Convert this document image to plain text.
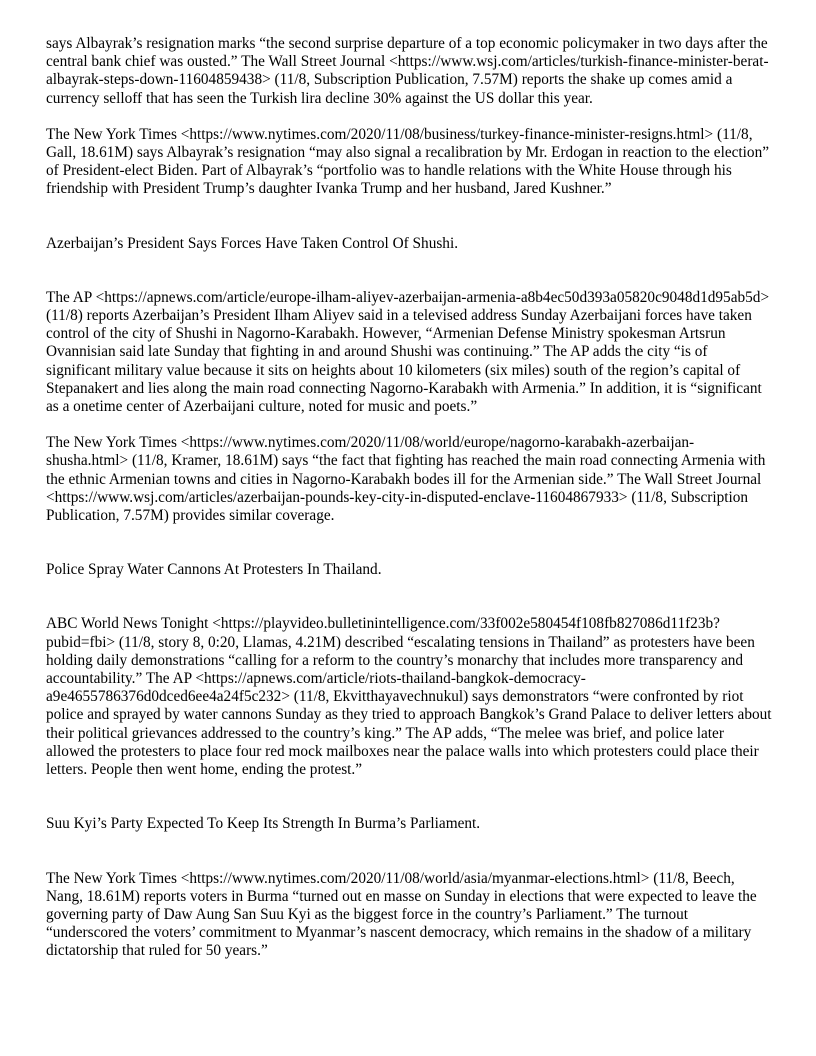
says Albayrak’s resignation marks “the second surprise departure of a top economic policymaker in two days after the central bank chief was ousted.” The Wall Street Journal <https://www.wsj.com/articles/turkish-finance-minister-berat-albayrak-steps-down-11604859438> (11/8, Subscription Publication, 7.57M) reports the shake up comes amid a currency selloff that has seen the Turkish lira decline 30% against the US dollar this year.

The New York Times <https://www.nytimes.com/2020/11/08/business/turkey-finance-minister-resigns.html> (11/8, Gall, 18.61M) says Albayrak’s resignation “may also signal a recalibration by Mr. Erdogan in reaction to the election” of President-elect Biden. Part of Albayrak’s “portfolio was to handle relations with the White House through his friendship with President Trump’s daughter Ivanka Trump and her husband, Jared Kushner.”

Azerbaijan’s President Says Forces Have Taken Control Of Shushi.

The AP <https://apnews.com/article/europe-ilham-aliyev-azerbaijan-armenia-a8b4ec50d393a05820c9048d1d95ab5d> (11/8) reports Azerbaijan’s President Ilham Aliyev said in a televised address Sunday Azerbaijani forces have taken control of the city of Shushi in Nagorno-Karabakh. However, “Armenian Defense Ministry spokesman Artsrun Ovannisian said late Sunday that fighting in and around Shushi was continuing.” The AP adds the city “is of significant military value because it sits on heights about 10 kilometers (six miles) south of the region’s capital of Stepanakert and lies along the main road connecting Nagorno-Karabakh with Armenia.” In addition, it is “significant as a onetime center of Azerbaijani culture, noted for music and poets.”

The New York Times <https://www.nytimes.com/2020/11/08/world/europe/nagorno-karabakh-azerbaijan-shusha.html> (11/8, Kramer, 18.61M) says “the fact that fighting has reached the main road connecting Armenia with the ethnic Armenian towns and cities in Nagorno-Karabakh bodes ill for the Armenian side.” The Wall Street Journal <https://www.wsj.com/articles/azerbaijan-pounds-key-city-in-disputed-enclave-11604867933> (11/8, Subscription Publication, 7.57M) provides similar coverage.

Police Spray Water Cannons At Protesters In Thailand.

ABC World News Tonight <https://playvideo.bulletinintelligence.com/33f002e580454f108fb827086d11f23b?pubid=fbi> (11/8, story 8, 0:20, Llamas, 4.21M) described “escalating tensions in Thailand” as protesters have been holding daily demonstrations “calling for a reform to the country’s monarchy that includes more transparency and accountability.” The AP <https://apnews.com/article/riots-thailand-bangkok-democracy-a9e4655786376d0dced6ee4a24f5c232> (11/8, Ekvitthayavechnukul) says demonstrators “were confronted by riot police and sprayed by water cannons Sunday as they tried to approach Bangkok’s Grand Palace to deliver letters about their political grievances addressed to the country’s king.” The AP adds, “The melee was brief, and police later allowed the protesters to place four red mock mailboxes near the palace walls into which protesters could place their letters. People then went home, ending the protest.”

Suu Kyi’s Party Expected To Keep Its Strength In Burma’s Parliament.

The New York Times <https://www.nytimes.com/2020/11/08/world/asia/myanmar-elections.html> (11/8, Beech, Nang, 18.61M) reports voters in Burma “turned out en masse on Sunday in elections that were expected to leave the governing party of Daw Aung San Suu Kyi as the biggest force in the country’s Parliament.” The turnout “underscored the voters’ commitment to Myanmar’s nascent democracy, which remains in the shadow of a military dictatorship that ruled for 50 years.”
